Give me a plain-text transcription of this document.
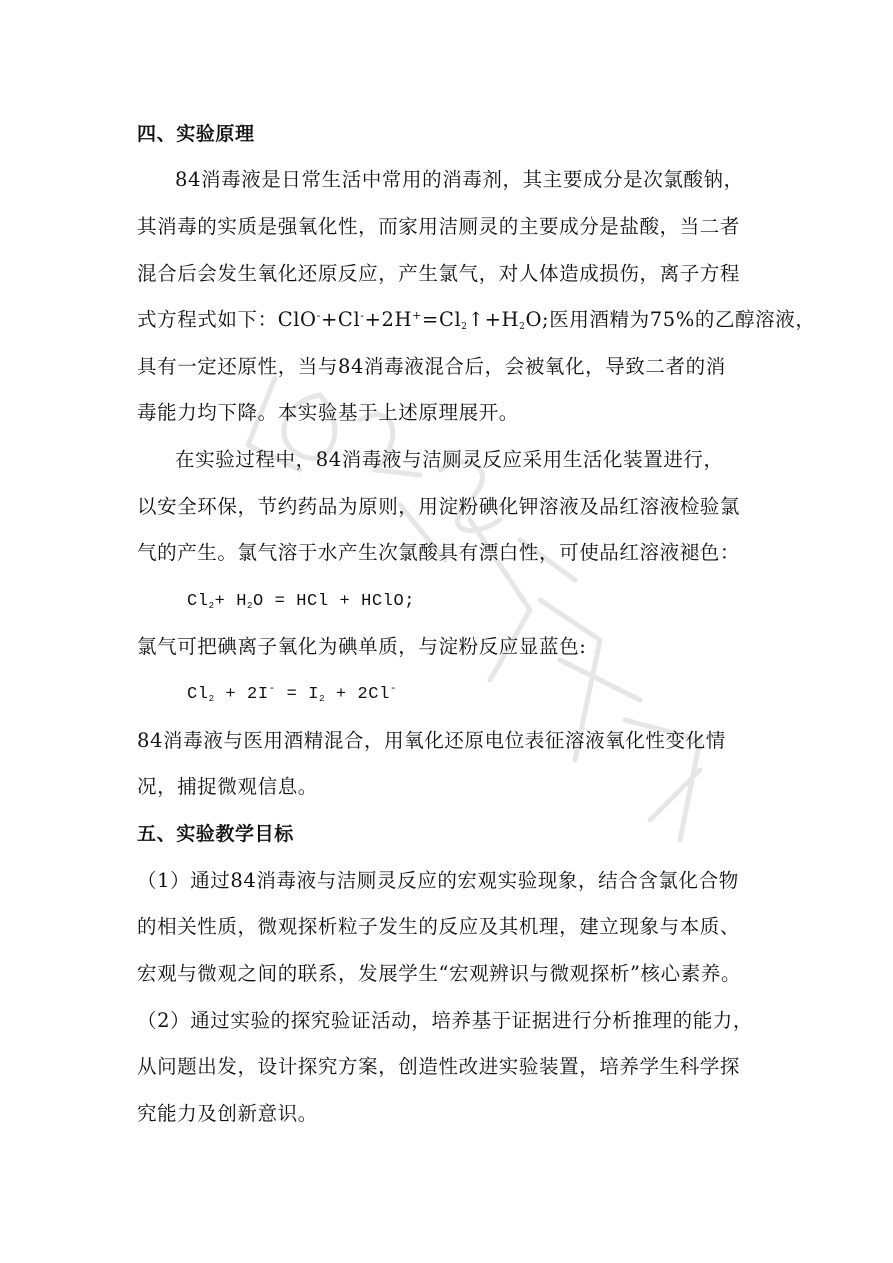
四、实验原理
84消毒液是日常生活中常用的消毒剂，其主要成分是次氯酸钠，
其消毒的实质是强氧化性，而家用洁厕灵的主要成分是盐酸，当二者
混合后会发生氧化还原反应，产生氯气，对人体造成损伤，离子方程
式方程式如下：$ClO^-+Cl^-+2H^+=Cl_2↑+H_2O$;医用酒精为75%的乙醇溶液，
具有一定还原性，当与84消毒液混合后，会被氧化，导致二者的消
毒能力均下降。本实验基于上述原理展开。
在实验过程中，84消毒液与洁厕灵反应采用生活化装置进行，
以安全环保，节约药品为原则，用淀粉碘化钾溶液及品红溶液检验氯
气的产生。氯气溶于水产生次氯酸具有漂白性，可使品红溶液褪色：
$Cl_2+ H_2O$ = HCl + HClO;
氯气可把碘离子氧化为碘单质，与淀粉反应显蓝色:
$Cl_2 + 2I^- = I_2 + 2Cl^-$
84消毒液与医用酒精混合，用氧化还原电位表征溶液氧化性变化情
况，捕捉微观信息。
五、实验教学目标
（1）通过84消毒液与洁厕灵反应的宏观实验现象，结合含氯化合物
的相关性质，微观探析粒子发生的反应及其机理，建立现象与本质、
宏观与微观之间的联系，发展学生“宏观辨识与微观探析”核心素养。
（2）通过实验的探究验证活动，培养基于证据进行分析推理的能力，
从问题出发，设计探究方案，创造性改进实验装置，培养学生科学探
究能力及创新意识。
